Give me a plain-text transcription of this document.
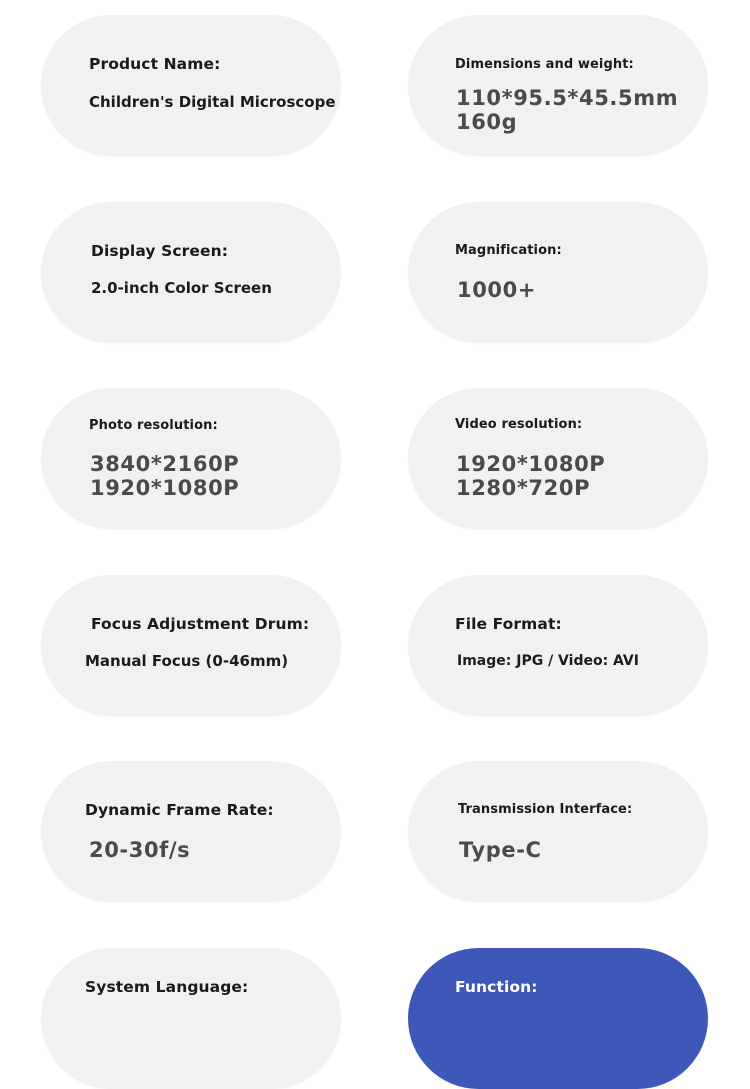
Product Name:
Children's Digital Microscope
Dimensions and weight:
110*95.5*45.5mm
160g
Display Screen:
2.0-inch Color Screen
Magnification:
1000+
Photo resolution:
3840*2160P
1920*1080P
Video resolution:
1920*1080P
1280*720P
Focus Adjustment Drum:
Manual Focus (0-46mm)
File Format:
Image: JPG / Video: AVI
Dynamic Frame Rate:
20-30f/s
Transmission Interface:
Type-C
System Language:	Function:
